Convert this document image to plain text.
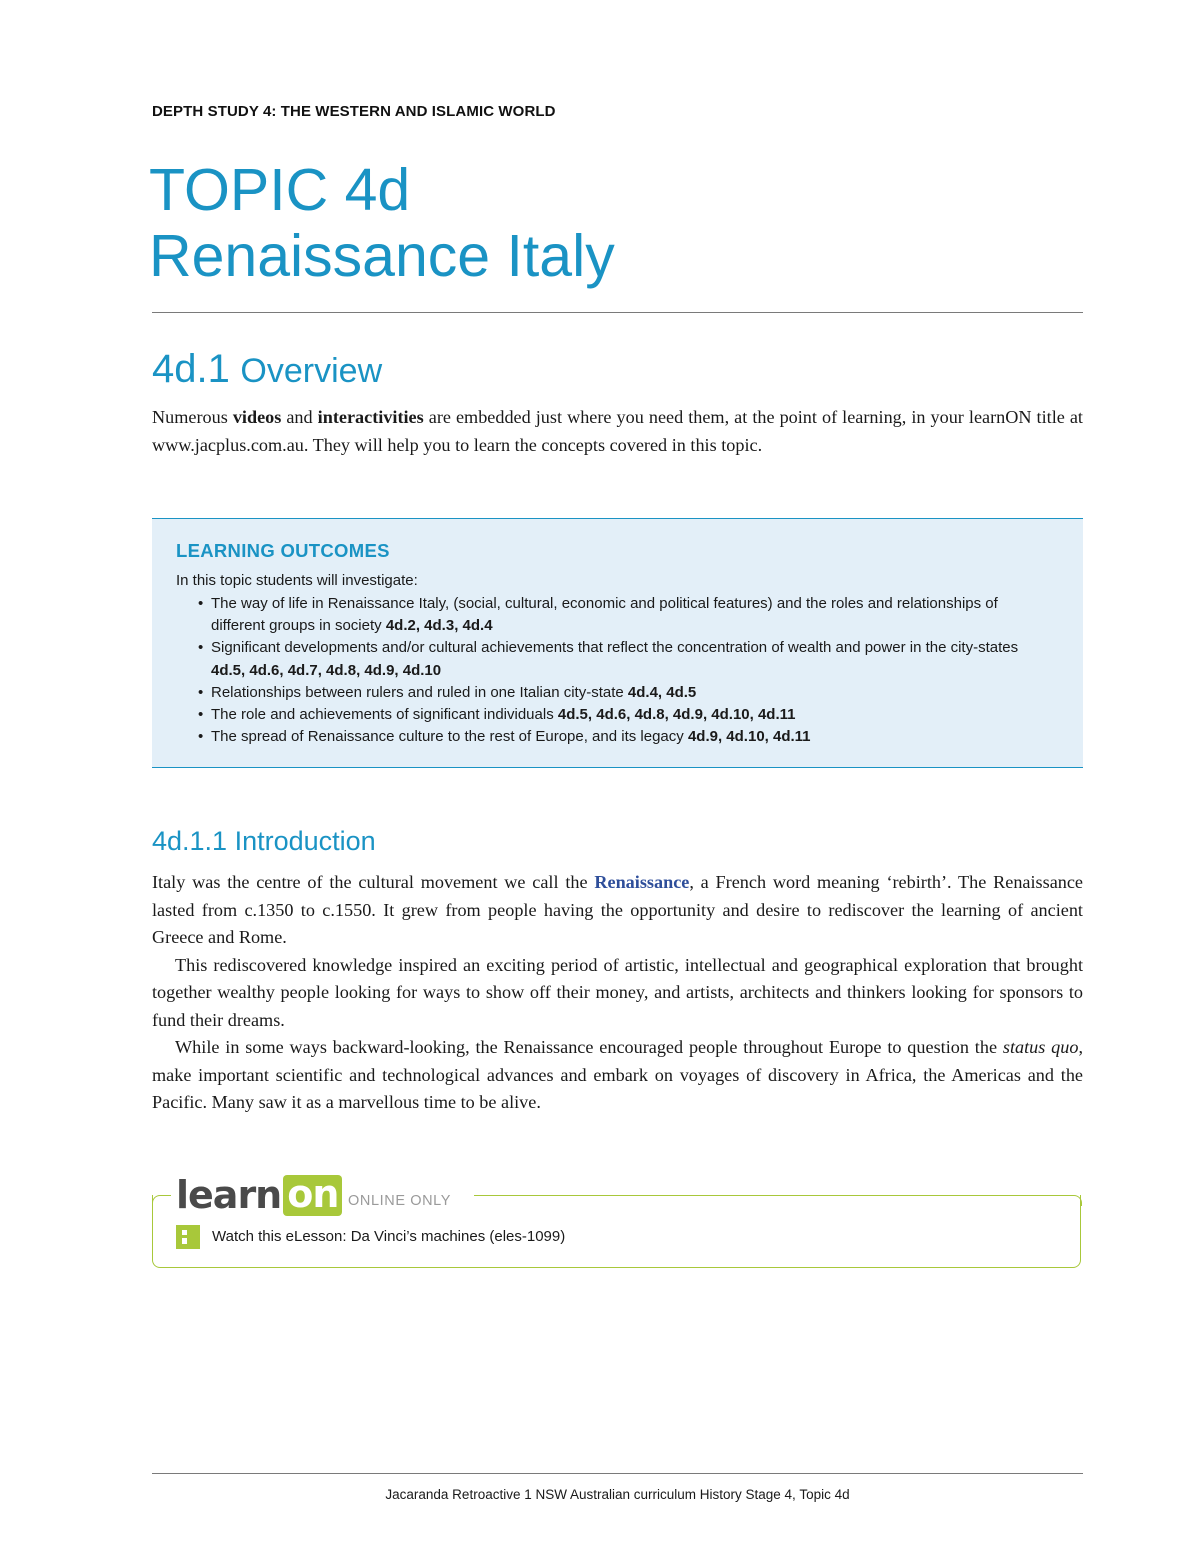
DEPTH STUDY 4: THE WESTERN AND ISLAMIC WORLD
TOPIC 4d
Renaissance Italy
4d.1 Overview
Numerous videos and interactivities are embedded just where you need them, at the point of learning, in your learnON title at www.jacplus.com.au. They will help you to learn the concepts covered in this topic.
LEARNING OUTCOMES
In this topic students will investigate:
• The way of life in Renaissance Italy, (social, cultural, economic and political features) and the roles and relationships of different groups in society 4d.2, 4d.3, 4d.4
• Significant developments and/or cultural achievements that reflect the concentration of wealth and power in the city-states 4d.5, 4d.6, 4d.7, 4d.8, 4d.9, 4d.10
• Relationships between rulers and ruled in one Italian city-state 4d.4, 4d.5
• The role and achievements of significant individuals 4d.5, 4d.6, 4d.8, 4d.9, 4d.10, 4d.11
• The spread of Renaissance culture to the rest of Europe, and its legacy 4d.9, 4d.10, 4d.11
4d.1.1 Introduction

Italy was the centre of the cultural movement we call the Renaissance, a French word meaning ‘rebirth’. The Renaissance lasted from c.1350 to c.1550. It grew from people having the opportunity and desire to rediscover the learning of ancient Greece and Rome.

This rediscovered knowledge inspired an exciting period of artistic, intellectual and geographical exploration that brought together wealthy people looking for ways to show off their money, and artists, architects and thinkers looking for sponsors to fund their dreams.

While in some ways backward-looking, the Renaissance encouraged people throughout Europe to question the status quo, make important scientific and technological advances and embark on voyages of discovery in Africa, the Americas and the Pacific. Many saw it as a marvellous time to be alive.

learn on ONLINE ONLY
Watch this eLesson: Da Vinci’s machines (eles-1099)
Jacaranda Retroactive 1 NSW Australian curriculum History Stage 4, Topic 4d
